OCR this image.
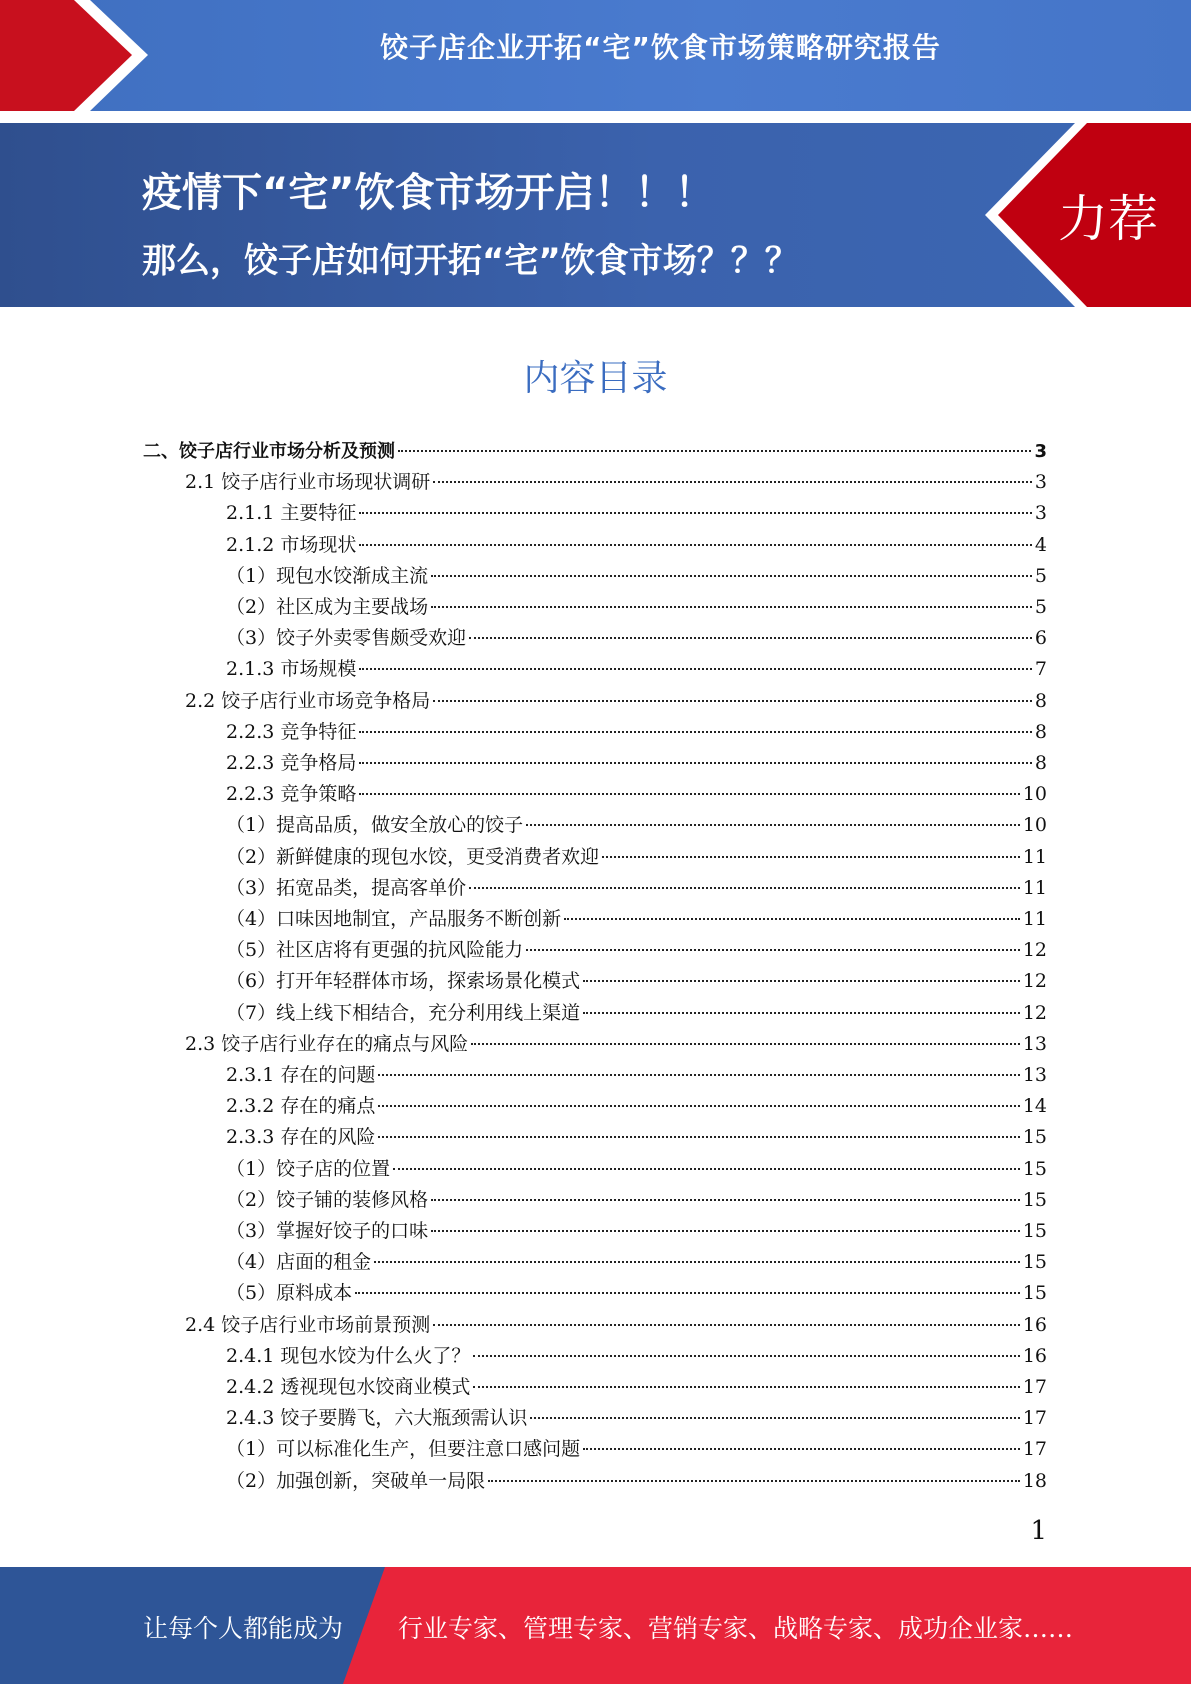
饺子店企业开拓“宅”饮食市场策略研究报告
疫情下“宅”饮食市场开启！！！
那么，饺子店如何开拓“宅”饮食市场？？？
力荐
内容目录
二、饺子店行业市场分析及预测	3
2.1 饺子店行业市场现状调研	3
2.1.1 主要特征	3
2.1.2 市场现状	4
（1）现包水饺渐成主流	5
（2）社区成为主要战场	5
（3）饺子外卖零售颇受欢迎	6
2.1.3 市场规模	7
2.2 饺子店行业市场竞争格局	8
2.2.3 竞争特征	8
2.2.3 竞争格局	8
2.2.3 竞争策略	10
（1）提高品质，做安全放心的饺子	10
（2）新鲜健康的现包水饺，更受消费者欢迎	11
（3）拓宽品类，提高客单价	11
（4）口味因地制宜，产品服务不断创新	11
（5）社区店将有更强的抗风险能力	12
（6）打开年轻群体市场，探索场景化模式	12
（7）线上线下相结合，充分利用线上渠道	12
2.3 饺子店行业存在的痛点与风险	13
2.3.1 存在的问题	13
2.3.2 存在的痛点	14
2.3.3 存在的风险	15
（1）饺子店的位置	15
（2）饺子铺的装修风格	15
（3）掌握好饺子的口味	15
（4）店面的租金	15
（5）原料成本	15
2.4 饺子店行业市场前景预测	16
2.4.1 现包水饺为什么火了？	16
2.4.2 透视现包水饺商业模式	17
2.4.3 饺子要腾飞，六大瓶颈需认识	17
（1）可以标准化生产，但要注意口感问题	17
（2）加强创新，突破单一局限	18
1
让每个人都能成为 行业专家、管理专家、营销专家、战略专家、成功企业家……
